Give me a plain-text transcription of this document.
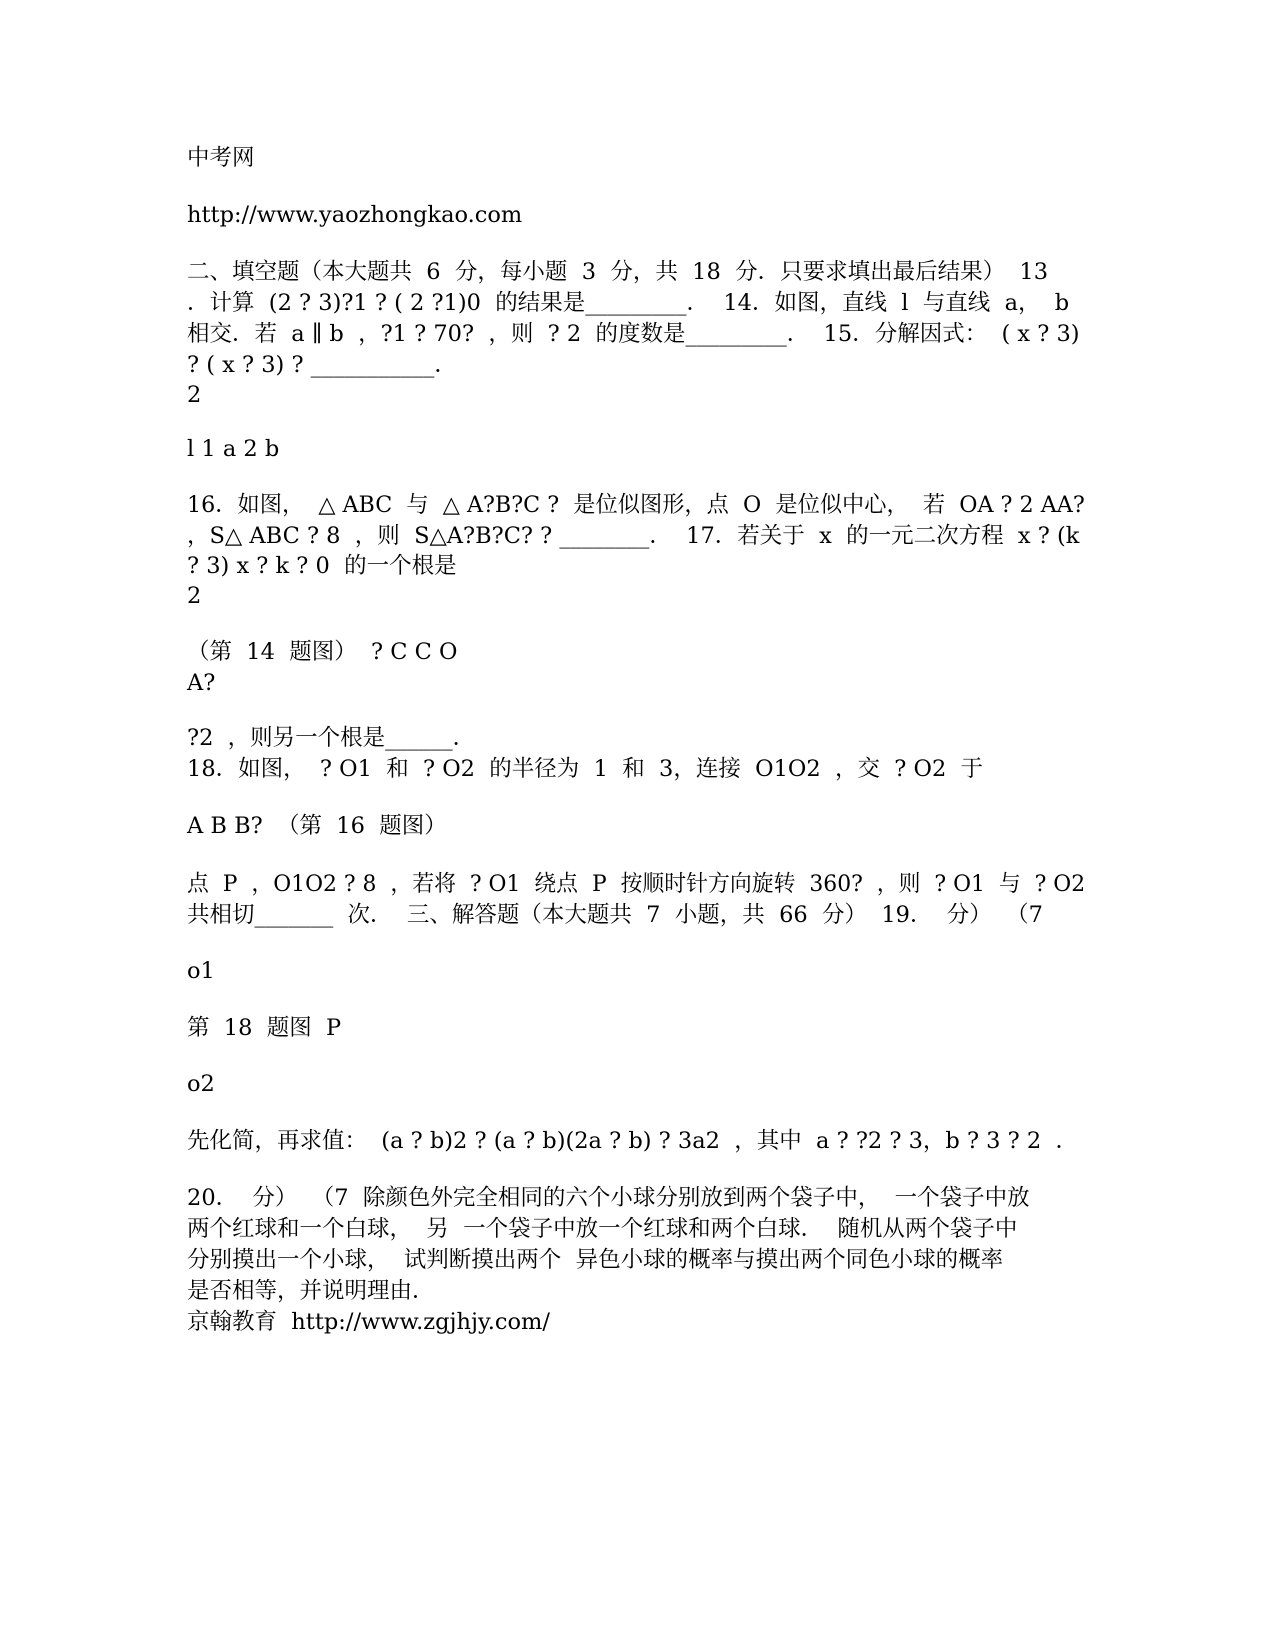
中考网

http://www.yaozhongkao.com

二、填空题（本大题共  6  分，每小题  3  分，共  18  分．只要求填出最后结果）  13

．计算  (2 ? 3)?1 ? ( 2 ?1)0  的结果是_________．  14．如图，直线  l  与直线  a，  b

相交．若  a ∥ b  ，?1 ? 70?  ，则  ? 2  的度数是_________．  15．分解因式：  ( x ? 3)

? ( x ? 3) ? ___________．

2

l 1 a 2 b

16．如图，  △ ABC  与  △ A?B?C ?  是位似图形，点  O  是位似中心，  若  OA ? 2 AA?

，S△ ABC ? 8  ，则  S△A?B?C? ? ________．  17．若关于  x  的一元二次方程  x ? (k

? 3) x ? k ? 0  的一个根是

2

（第  14  题图）  ? C C O

A?

?2  ，则另一个根是______．

18．如图，  ? O1  和  ? O2  的半径为  1  和  3，连接  O1O2  ，交  ? O2  于

A B B?  （第  16  题图）

点  P  ，O1O2 ? 8  ，若将  ? O1  绕点  P  按顺时针方向旋转  360?  ，则  ? O1  与  ? O2

共相切_______  次．  三、解答题（本大题共  7  小题，共  66  分）  19．  分）  （7

o1

第  18  题图  P

o2

先化简，再求值：  (a ? b)2 ? (a ? b)(2a ? b) ? 3a2  ，其中  a ? ?2 ? 3，b ? 3 ? 2  ．

20．  分）  （7  除颜色外完全相同的六个小球分别放到两个袋子中，  一个袋子中放

两个红球和一个白球，  另  一个袋子中放一个红球和两个白球．  随机从两个袋子中

分别摸出一个小球，  试判断摸出两个  异色小球的概率与摸出两个同色小球的概率

是否相等，并说明理由．

京翰教育  http://www.zgjhjy.com/
